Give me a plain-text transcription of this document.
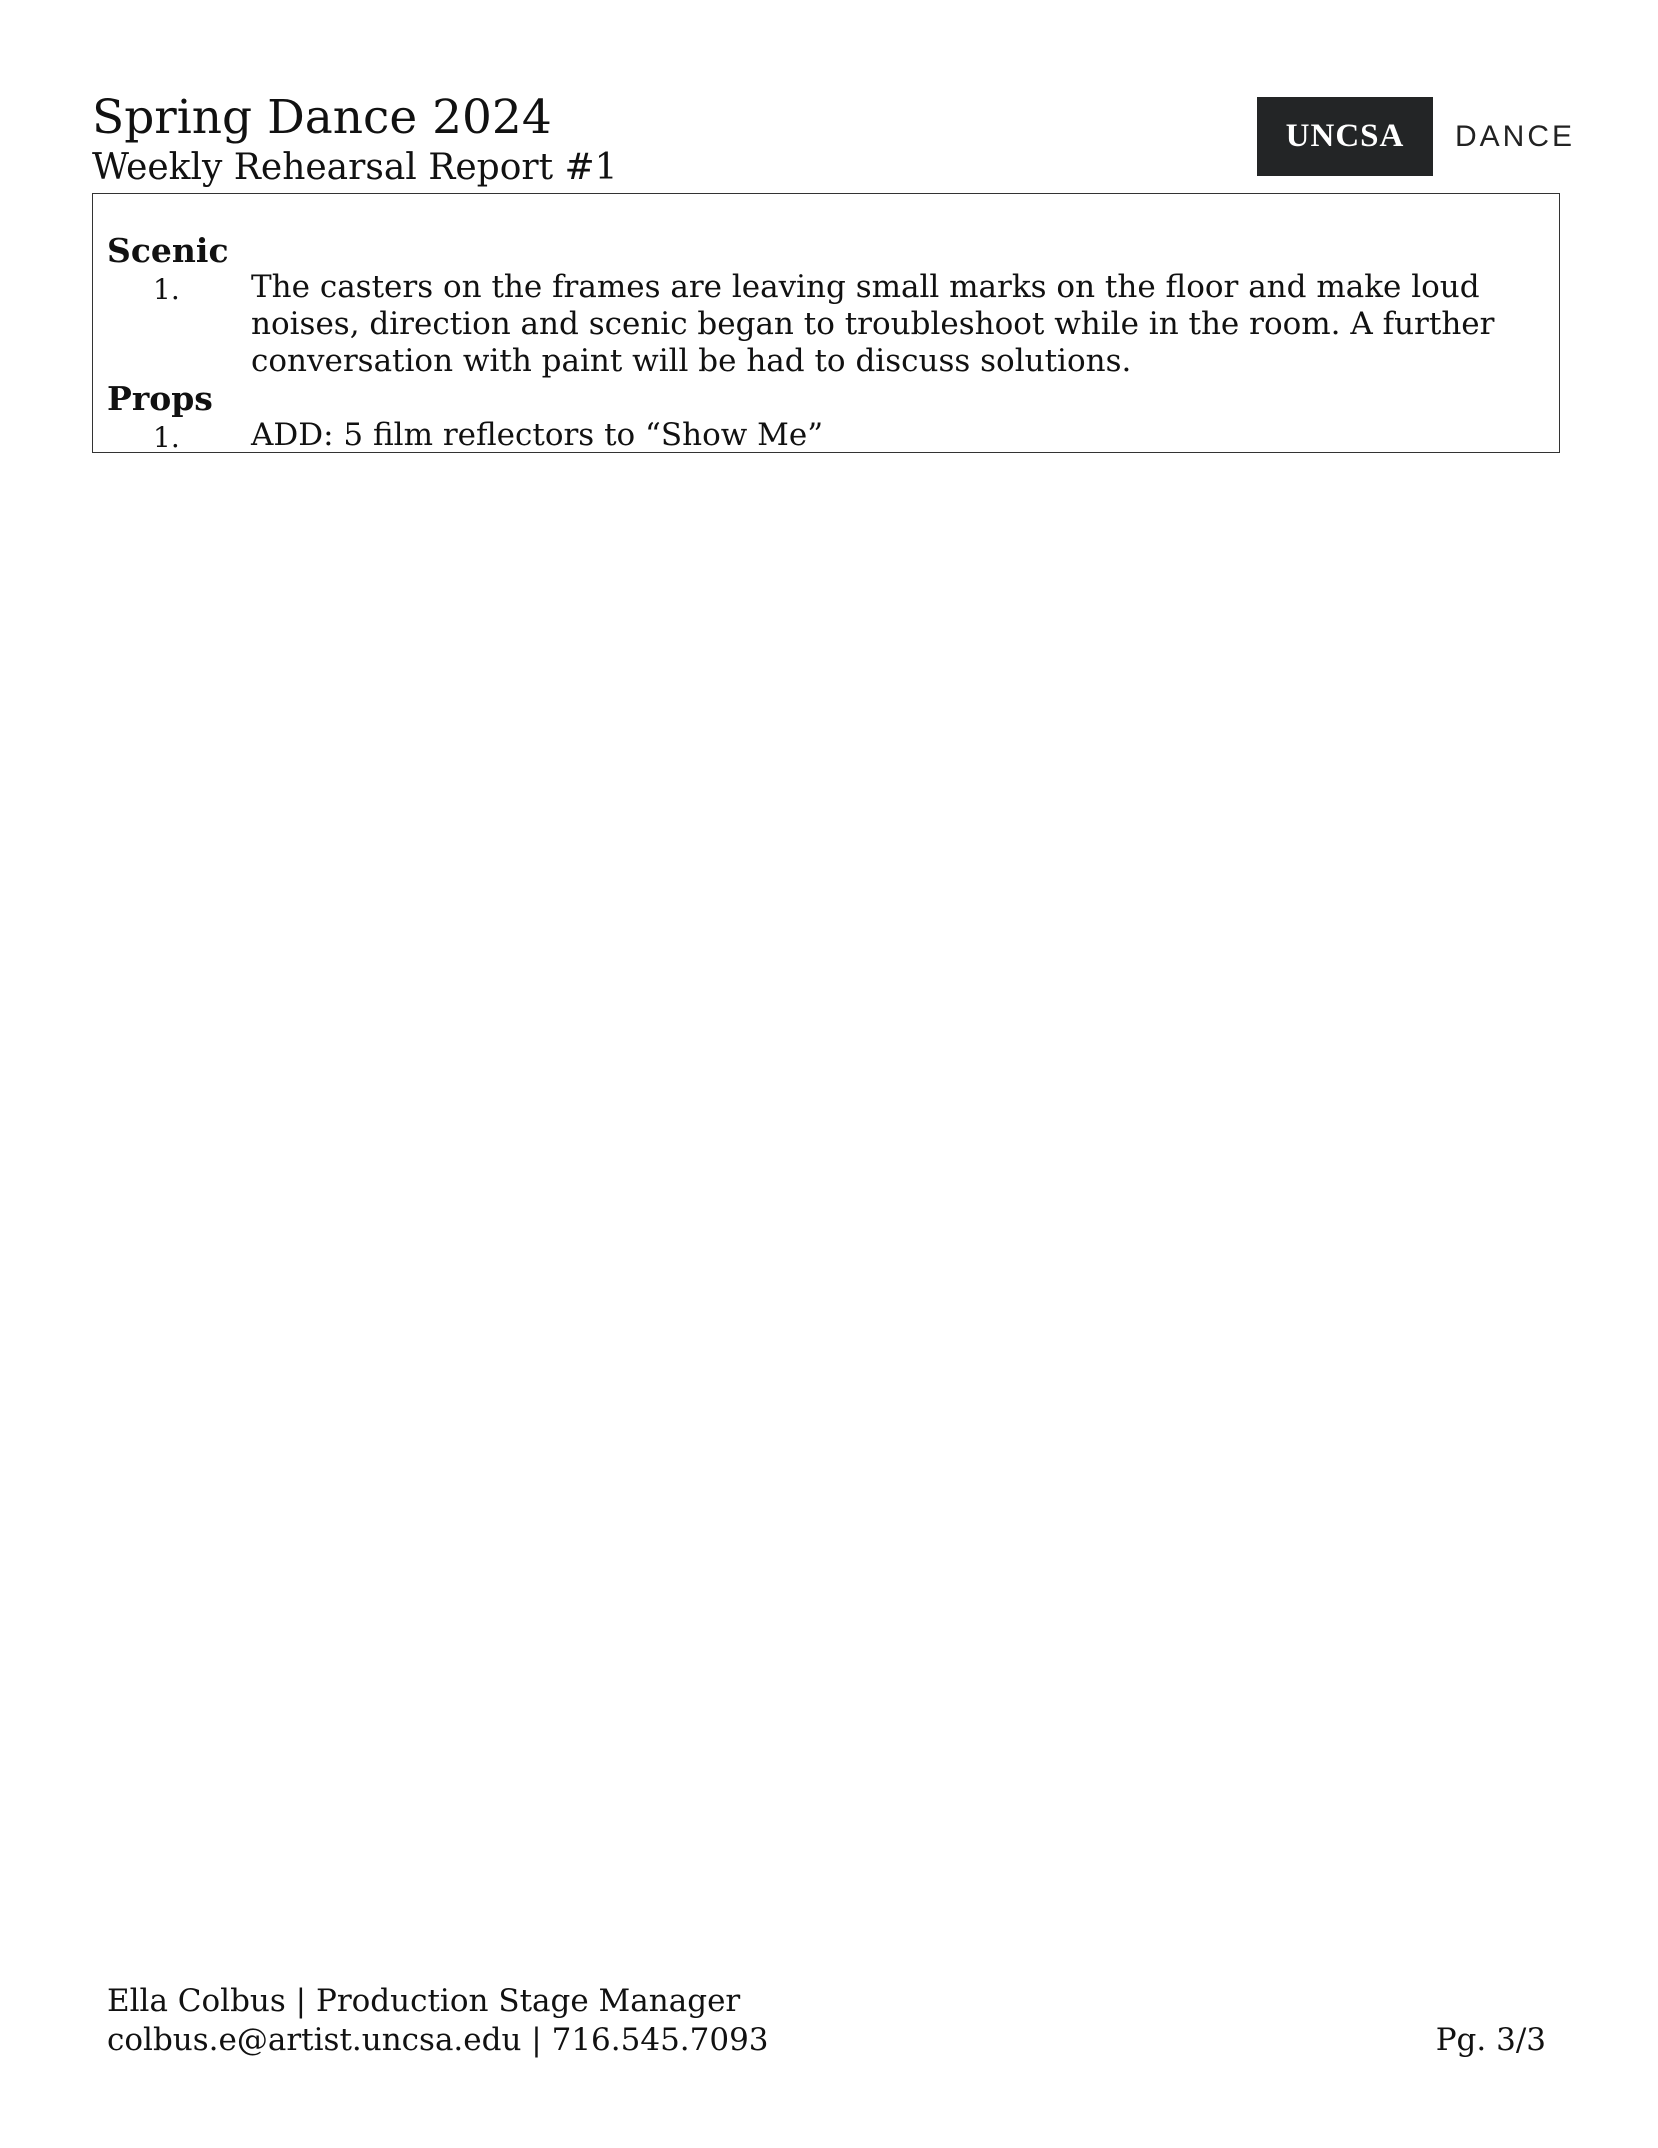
Spring Dance 2024
Weekly Rehearsal Report #1
UNCSA	DANCE
Scenic
1.	The casters on the frames are leaving small marks on the floor and make loud noises, direction and scenic began to troubleshoot while in the room. A further conversation with paint will be had to discuss solutions.
Props
1.	ADD: 5 film reflectors to “Show Me”
Ella Colbus | Production Stage Manager
colbus.e@artist.uncsa.edu | 716.545.7093	Pg. 3/3
